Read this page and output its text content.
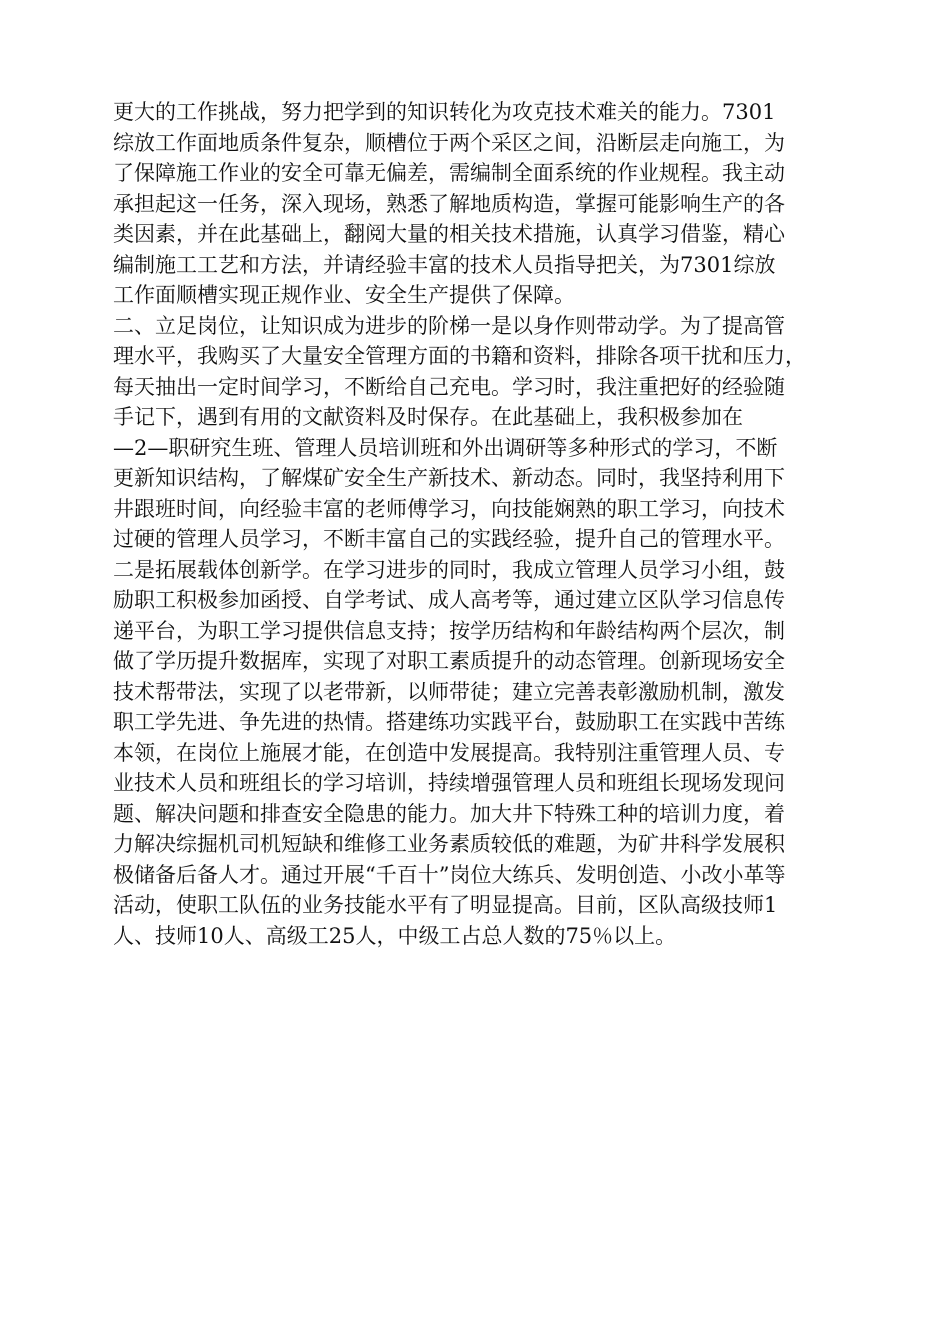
更大的工作挑战，努力把学到的知识转化为攻克技术难关的能力。7301
综放工作面地质条件复杂，顺槽位于两个采区之间，沿断层走向施工，为
了保障施工作业的安全可靠无偏差，需编制全面系统的作业规程。我主动
承担起这一任务，深入现场，熟悉了解地质构造，掌握可能影响生产的各
类因素，并在此基础上，翻阅大量的相关技术措施，认真学习借鉴，精心
编制施工工艺和方法，并请经验丰富的技术人员指导把关，为7301综放
工作面顺槽实现正规作业、安全生产提供了保障。
二、立足岗位，让知识成为进步的阶梯一是以身作则带动学。为了提高管
理水平，我购买了大量安全管理方面的书籍和资料，排除各项干扰和压力，
每天抽出一定时间学习，不断给自己充电。学习时，我注重把好的经验随
手记下，遇到有用的文献资料及时保存。在此基础上，我积极参加在
—2—职研究生班、管理人员培训班和外出调研等多种形式的学习，不断
更新知识结构，了解煤矿安全生产新技术、新动态。同时，我坚持利用下
井跟班时间，向经验丰富的老师傅学习，向技能娴熟的职工学习，向技术
过硬的管理人员学习，不断丰富自己的实践经验，提升自己的管理水平。
二是拓展载体创新学。在学习进步的同时，我成立管理人员学习小组，鼓
励职工积极参加函授、自学考试、成人高考等，通过建立区队学习信息传
递平台，为职工学习提供信息支持；按学历结构和年龄结构两个层次，制
做了学历提升数据库，实现了对职工素质提升的动态管理。创新现场安全
技术帮带法，实现了以老带新，以师带徒；建立完善表彰激励机制，激发
职工学先进、争先进的热情。搭建练功实践平台，鼓励职工在实践中苦练
本领，在岗位上施展才能，在创造中发展提高。我特别注重管理人员、专
业技术人员和班组长的学习培训，持续增强管理人员和班组长现场发现问
题、解决问题和排查安全隐患的能力。加大井下特殊工种的培训力度，着
力解决综掘机司机短缺和维修工业务素质较低的难题，为矿井科学发展积
极储备后备人才。通过开展“千百十”岗位大练兵、发明创造、小改小革等
活动，使职工队伍的业务技能水平有了明显提高。目前，区队高级技师1
人、技师10人、高级工25人，中级工占总人数的75％以上。
